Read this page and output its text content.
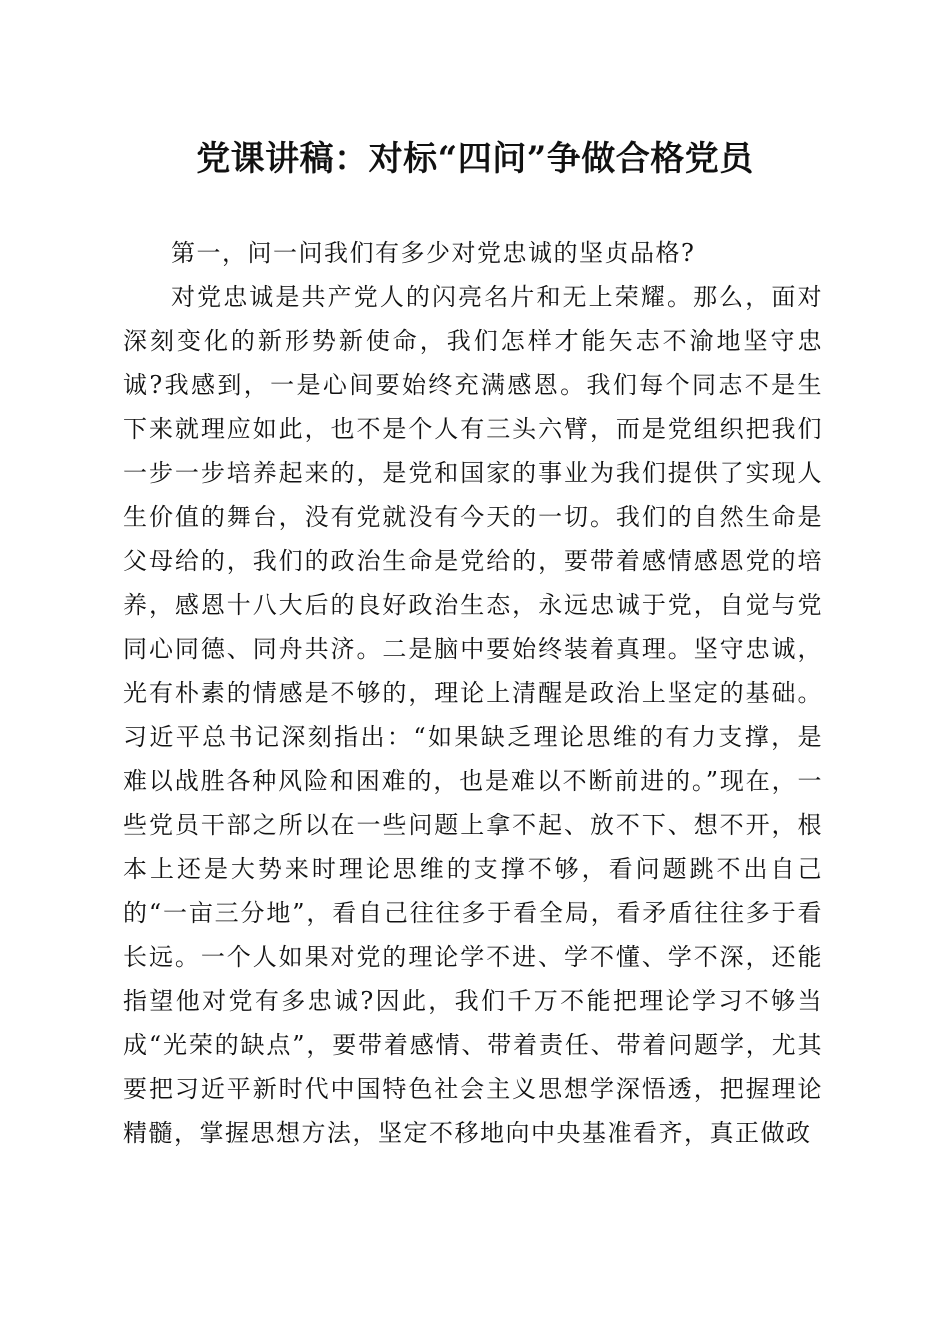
党课讲稿：对标“四问”争做合格党员

第一，问一问我们有多少对党忠诚的坚贞品格?

对党忠诚是共产党人的闪亮名片和无上荣耀。那么，面对深刻变化的新形势新使命，我们怎样才能矢志不渝地坚守忠诚?我感到，一是心间要始终充满感恩。我们每个同志不是生下来就理应如此，也不是个人有三头六臂，而是党组织把我们一步一步培养起来的，是党和国家的事业为我们提供了实现人生价值的舞台，没有党就没有今天的一切。我们的自然生命是父母给的，我们的政治生命是党给的，要带着感情感恩党的培养，感恩十八大后的良好政治生态，永远忠诚于党，自觉与党同心同德、同舟共济。二是脑中要始终装着真理。坚守忠诚，光有朴素的情感是不够的，理论上清醒是政治上坚定的基础。习近平总书记深刻指出：“如果缺乏理论思维的有力支撑，是难以战胜各种风险和困难的，也是难以不断前进的。”现在，一些党员干部之所以在一些问题上拿不起、放不下、想不开，根本上还是大势来时理论思维的支撑不够，看问题跳不出自己的“一亩三分地”，看自己往往多于看全局，看矛盾往往多于看长远。一个人如果对党的理论学不进、学不懂、学不深，还能指望他对党有多忠诚?因此，我们千万不能把理论学习不够当成“光荣的缺点”，要带着感情、带着责任、带着问题学，尤其要把习近平新时代中国特色社会主义思想学深悟透，把握理论精髓，掌握思想方法，坚定不移地向中央基准看齐，真正做政
